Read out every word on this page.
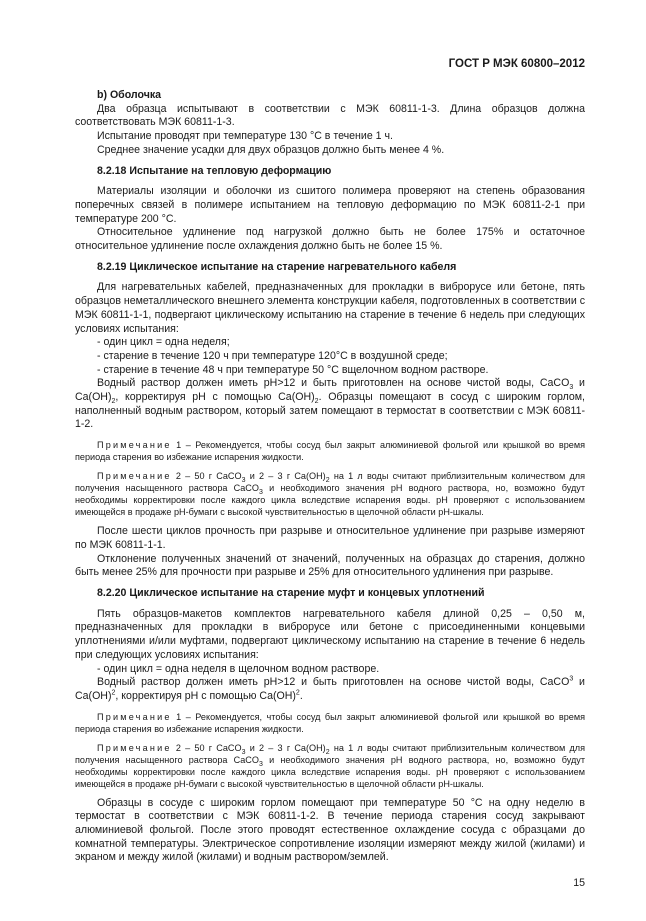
ГОСТ Р МЭК 60800–2012

b) Оболочка

Два образца испытывают в соответствии с МЭК 60811-1-3. Длина образцов должна соответствовать МЭК 60811-1-3.

Испытание проводят при температуре 130 °С в течение 1 ч.

Среднее значение усадки для двух образцов должно быть менее 4 %.

8.2.18 Испытание на тепловую деформацию

Материалы изоляции и оболочки из сшитого полимера проверяют на степень образования поперечных связей в полимере испытанием на тепловую деформацию по МЭК 60811-2-1 при температуре 200 °С.

Относительное удлинение под нагрузкой должно быть не более 175% и остаточное относительное удлинение после охлаждения должно быть не более 15 %.

8.2.19 Циклическое испытание на старение нагревательного кабеля

Для нагревательных кабелей, предназначенных для прокладки в виброрусе или бетоне, пять образцов неметаллического внешнего элемента конструкции кабеля, подготовленных в соответствии с МЭК 60811-1-1, подвергают циклическому испытанию на старение в течение 6 недель при следующих условиях испытания:

- один цикл = одна неделя;

- старение в течение 120 ч при температуре 120°С в воздушной среде;

- старение в течение 48 ч при температуре 50 °С вщелочном водном растворе.

Водный раствор должен иметь pH>12 и быть приготовлен на основе чистой воды, CaCO$_3$ и $Ca(OH)_2$, корректируя pH с помощью $Ca(OH)_2$. Образцы помещают в сосуд с широким горлом, наполненный водным раствором, который затем помещают в термостат в соответствии с МЭК 60811-1-2.

Примечание 1 – Рекомендуется, чтобы сосуд был закрыт алюминиевой фольгой или крышкой во время периода старения во избежание испарения жидкости.

Примечание 2 – 50 г CaCO$_3$ и 2 – 3 г $Ca(OH)_2$ на 1 л воды считают приблизительным количеством для получения насыщенного раствора CaCO$_3$ и необходимого значения pH водного раствора, но, возможно будут необходимы корректировки после каждого цикла вследствие испарения воды. pH проверяют с использованием имеющейся в продаже pH-бумаги с высокой чувствительностью в щелочной области pH-шкалы.

После шести циклов прочность при разрыве и относительное удлинение при разрыве измеряют по МЭК 60811-1-1.

Отклонение полученных значений от значений, полученных на образцах до старения, должно быть менее 25% для прочности при разрыве и 25% для относительного удлинения при разрыве.

8.2.20 Циклическое испытание на старение муфт и концевых уплотнений

Пять образцов-макетов комплектов нагревательного кабеля длиной 0,25 – 0,50 м, предназначенных для прокладки в виброрусе или бетоне с присоединенными концевыми уплотнениями и/или муфтами, подвергают циклическому испытанию на старение в течение 6 недель при следующих условиях испытания:

- один цикл = одна неделя в щелочном водном растворе.

Водный раствор должен иметь pH>12 и быть приготовлен на основе чистой воды, CaCO$^3$ и Ca(OH)$^2$, корректируя pH с помощью Ca(OH)$^2$.

Примечание 1 – Рекомендуется, чтобы сосуд был закрыт алюминиевой фольгой или крышкой во время периода старения во избежание испарения жидкости.

Примечание 2 – 50 г CaCO$_3$ и 2 – 3 г $Ca(OH)_2$ на 1 л воды считают приблизительным количеством для получения насыщенного раствора CaCO$_3$ и необходимого значения pH водного раствора, но, возможно будут необходимы корректировки после каждого цикла вследствие испарения воды. pH проверяют с использованием имеющейся в продаже pH-бумаги с высокой чувствительностью в щелочной области pH-шкалы.

Образцы в сосуде с широким горлом помещают при температуре 50 °С на одну неделю в термостат в соответствии с МЭК 60811-1-2. В течение периода старения сосуд закрывают алюминиевой фольгой. После этого проводят естественное охлаждение сосуда с образцами до комнатной температуры. Электрическое сопротивление изоляции измеряют между жилой (жилами) и экраном и между жилой (жилами) и водным раствором/землей.

15
